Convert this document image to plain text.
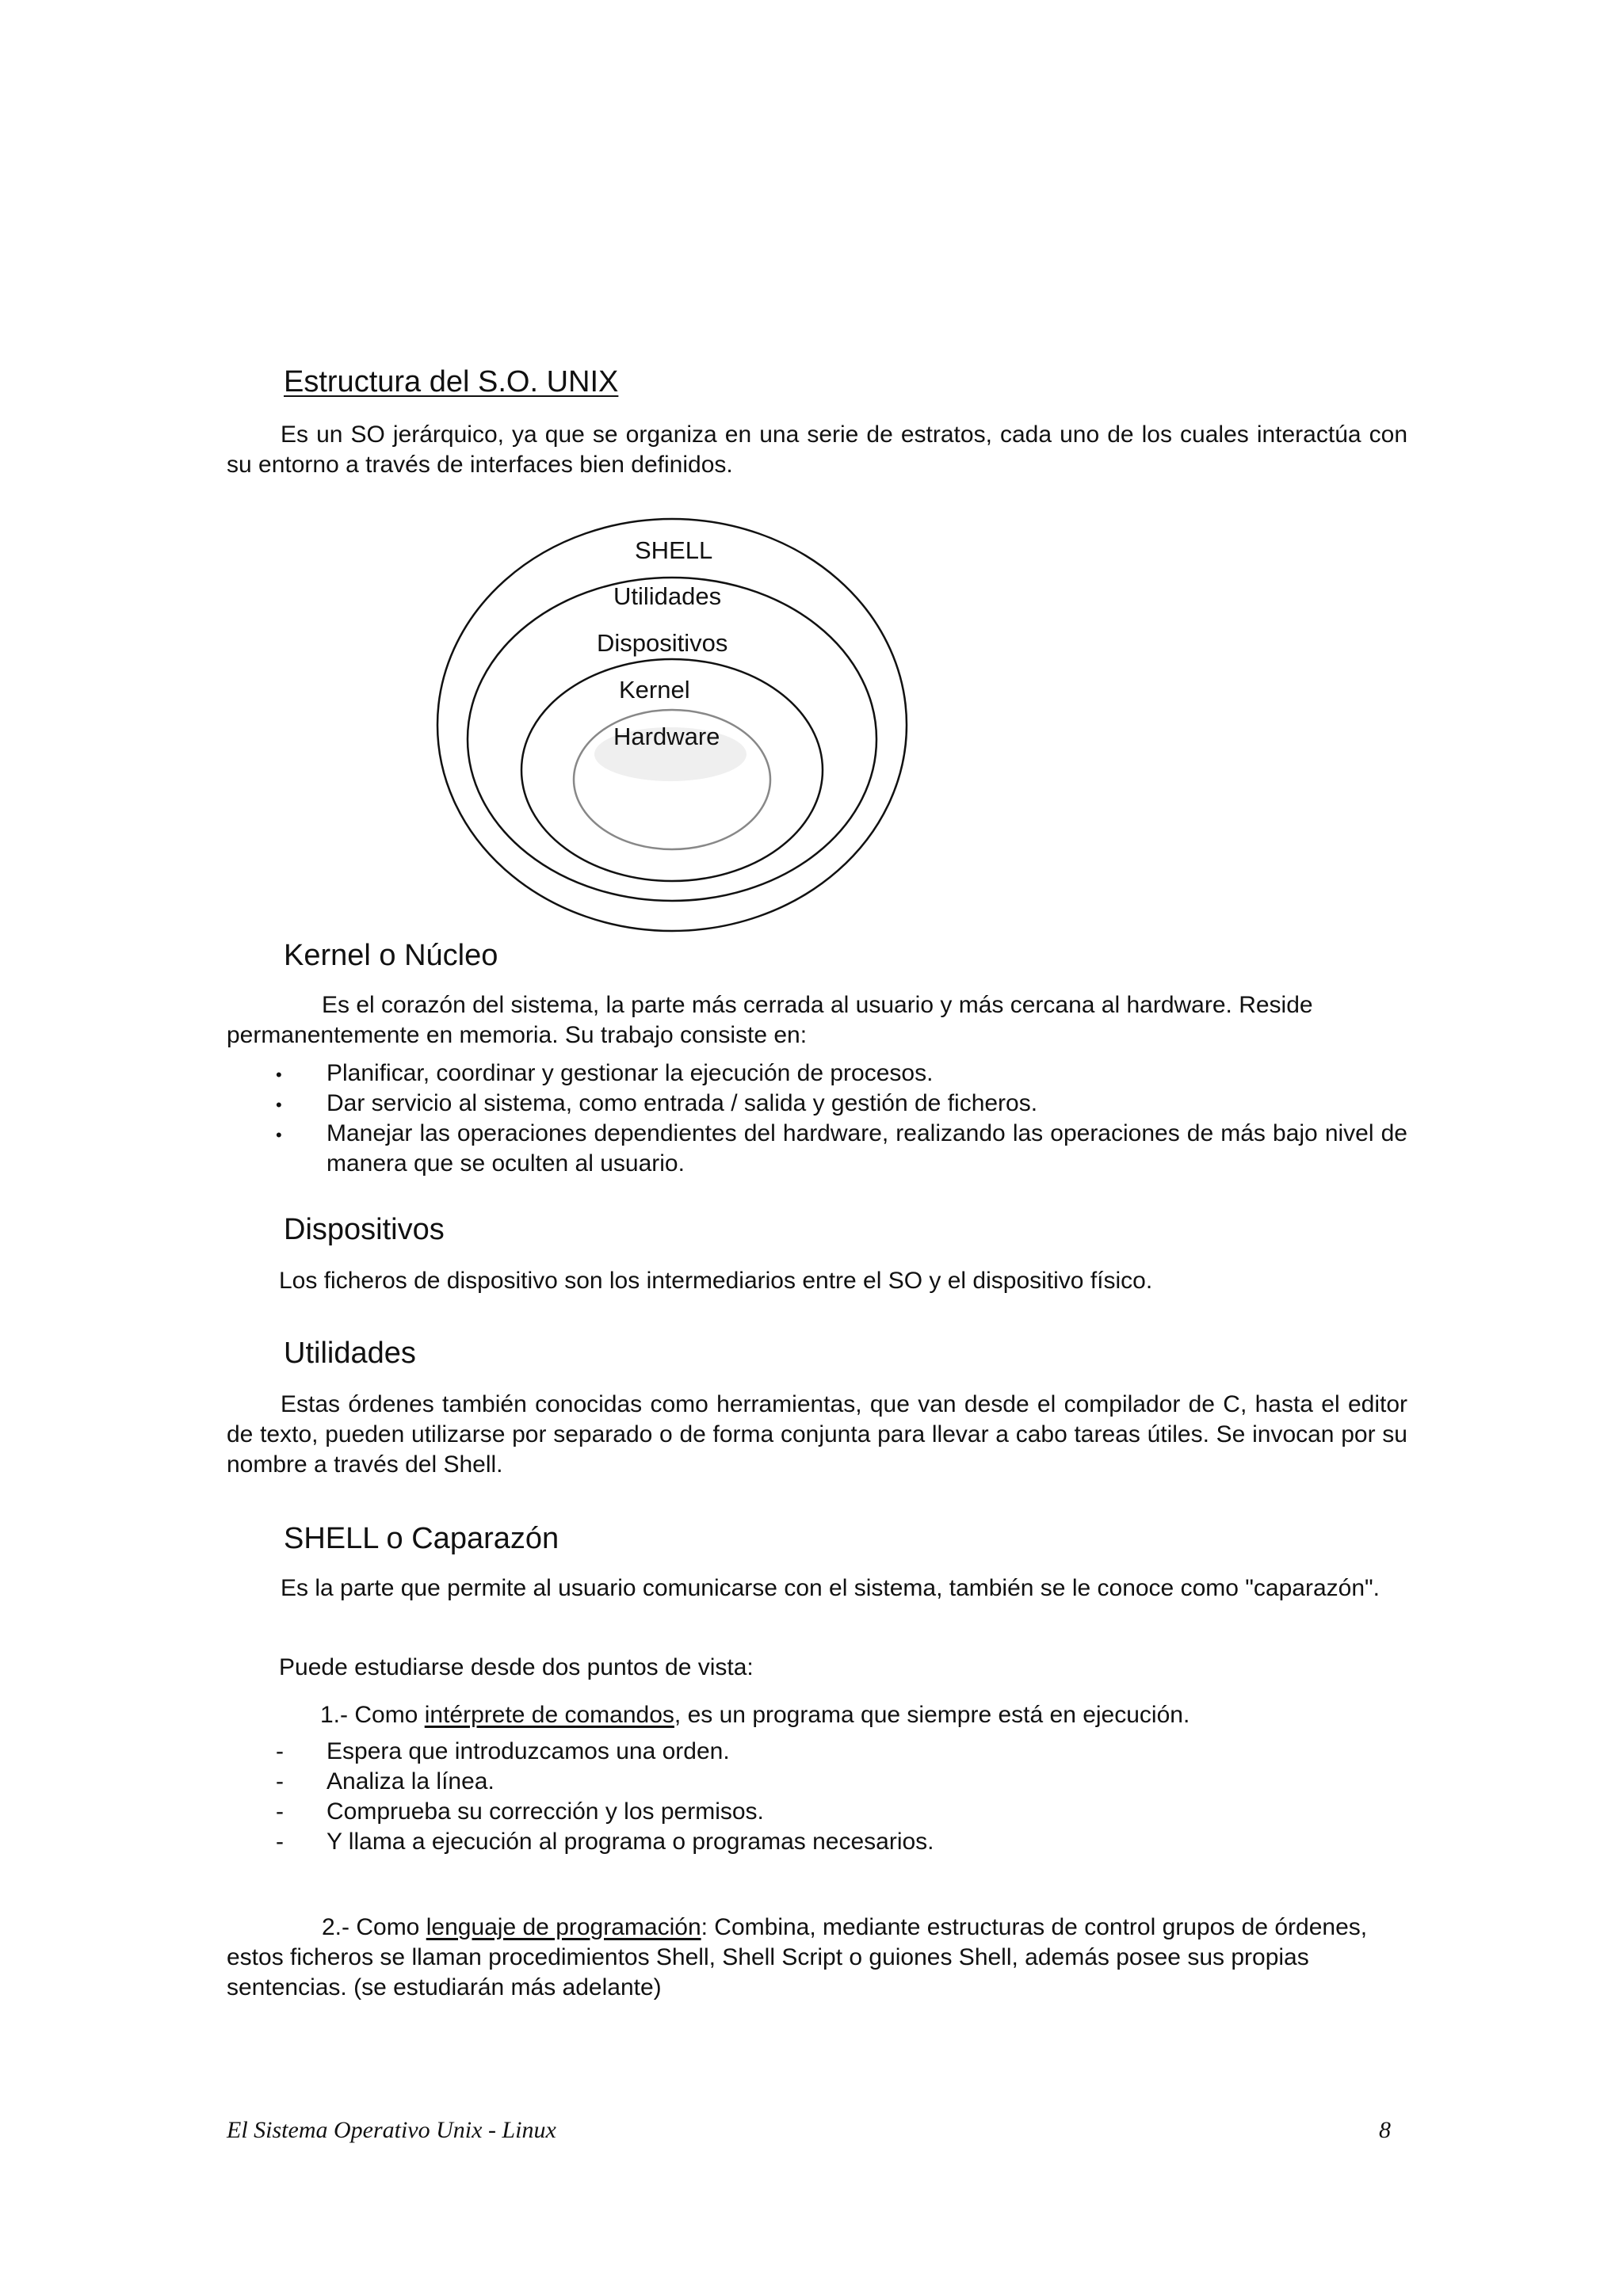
Estructura del S.O. UNIX

Es un SO jerárquico, ya que se organiza en una serie de estratos, cada uno de los cuales interactúa con su entorno a través de interfaces bien definidos.

SHELL
Utilidades
Dispositivos
Kernel
Hardware
Kernel o Núcleo

Es el corazón del sistema, la parte más cerrada al usuario y más cercana al hardware. Reside permanentemente en memoria. Su trabajo consiste en:

• Planificar, coordinar y gestionar la ejecución de procesos.
• Dar servicio al sistema, como entrada / salida y gestión de ficheros.
• Manejar las operaciones dependientes del hardware, realizando las operaciones de más bajo nivel de manera que se oculten al usuario.
Dispositivos

Los ficheros de dispositivo son los intermediarios entre el SO y el dispositivo físico.

Utilidades

Estas órdenes también conocidas como herramientas, que van desde el compilador de C, hasta el editor de texto, pueden utilizarse por separado o de forma conjunta para llevar a cabo tareas útiles. Se invocan por su nombre a través del Shell.

SHELL o Caparazón

Es la parte que permite al usuario comunicarse con el sistema, también se le conoce como "caparazón".

Puede estudiarse desde dos puntos de vista:

1.- Como intérprete de comandos, es un programa que siempre está en ejecución.

- Espera que introduzcamos una orden.
- Analiza la línea.
- Comprueba su corrección y los permisos.
- Y llama a ejecución al programa o programas necesarios.

2.- Como lenguaje de programación: Combina, mediante estructuras de control grupos de órdenes, estos ficheros se llaman procedimientos Shell, Shell Script o guiones Shell, además posee sus propias sentencias. (se estudiarán más adelante)

El Sistema Operativo Unix - Linux	8
